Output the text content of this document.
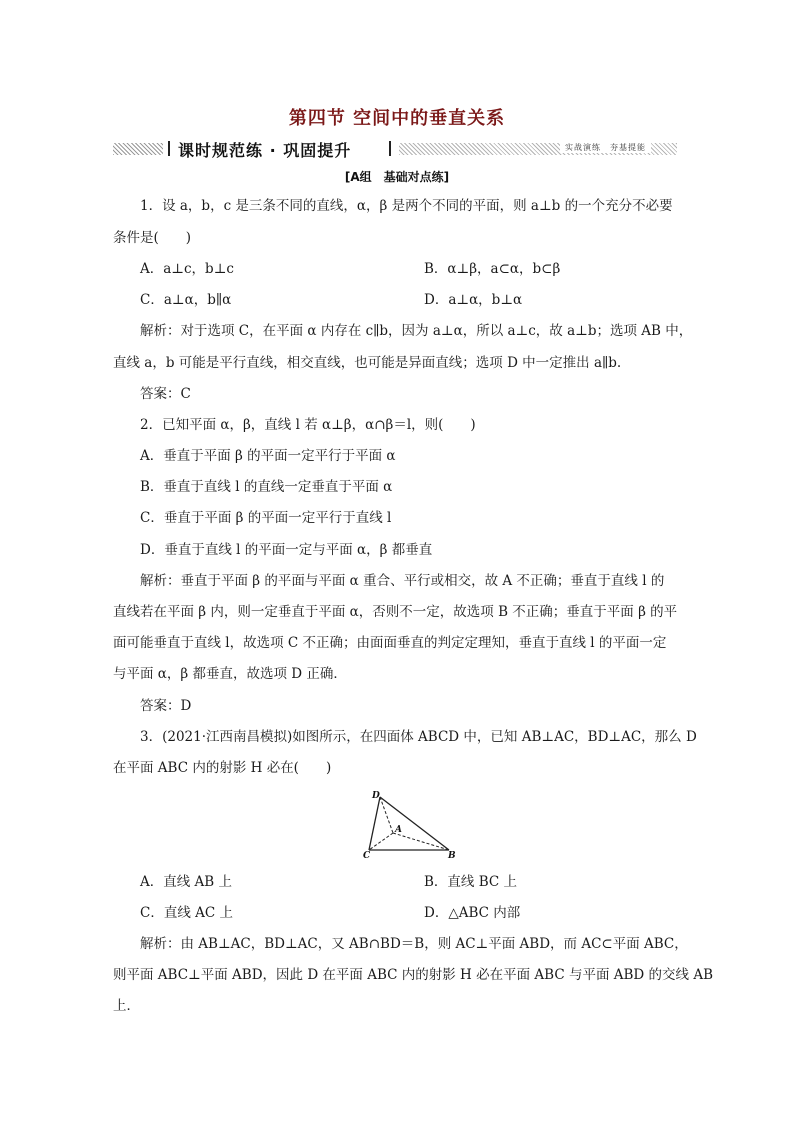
第四节 空间中的垂直关系
课时规范练 · 巩固提升	实战演练　夯基提能
[A组　基础对点练]
1．设 a，b，c 是三条不同的直线，α，β 是两个不同的平面，则 a⊥b 的一个充分不必要
条件是(　　)
A．a⊥c，b⊥c	B．α⊥β，a⊂α，b⊂β
C．a⊥α，b∥α	D．a⊥α，b⊥α
解析：对于选项 C，在平面 α 内存在 c∥b，因为 a⊥α，所以 a⊥c，故 a⊥b；选项 AB 中，
直线 a，b 可能是平行直线，相交直线，也可能是异面直线；选项 D 中一定推出 a∥b.
答案：C
2．已知平面 α，β，直线 l 若 α⊥β，α∩β＝l，则(　　)
A．垂直于平面 β 的平面一定平行于平面 α
B．垂直于直线 l 的直线一定垂直于平面 α
C．垂直于平面 β 的平面一定平行于直线 l
D．垂直于直线 l 的平面一定与平面 α，β 都垂直
解析：垂直于平面 β 的平面与平面 α 重合、平行或相交，故 A 不正确；垂直于直线 l 的
直线若在平面 β 内，则一定垂直于平面 α，否则不一定，故选项 B 不正确；垂直于平面 β 的平
面可能垂直于直线 l，故选项 C 不正确；由面面垂直的判定定理知，垂直于直线 l 的平面一定
与平面 α，β 都垂直，故选项 D 正确．
答案：D
3．(2021·江西南昌模拟)如图所示，在四面体 ABCD 中，已知 AB⊥AC，BD⊥AC，那么 D
在平面 ABC 内的射影 H 必在(　　)
D
A
C	B
A．直线 AB 上	B．直线 BC 上
C．直线 AC 上	D．△ABC 内部
解析：由 AB⊥AC，BD⊥AC，又 AB∩BD＝B，则 AC⊥平面 ABD，而 AC⊂平面 ABC，
则平面 ABC⊥平面 ABD，因此 D 在平面 ABC 内的射影 H 必在平面 ABC 与平面 ABD 的交线 AB
上．
